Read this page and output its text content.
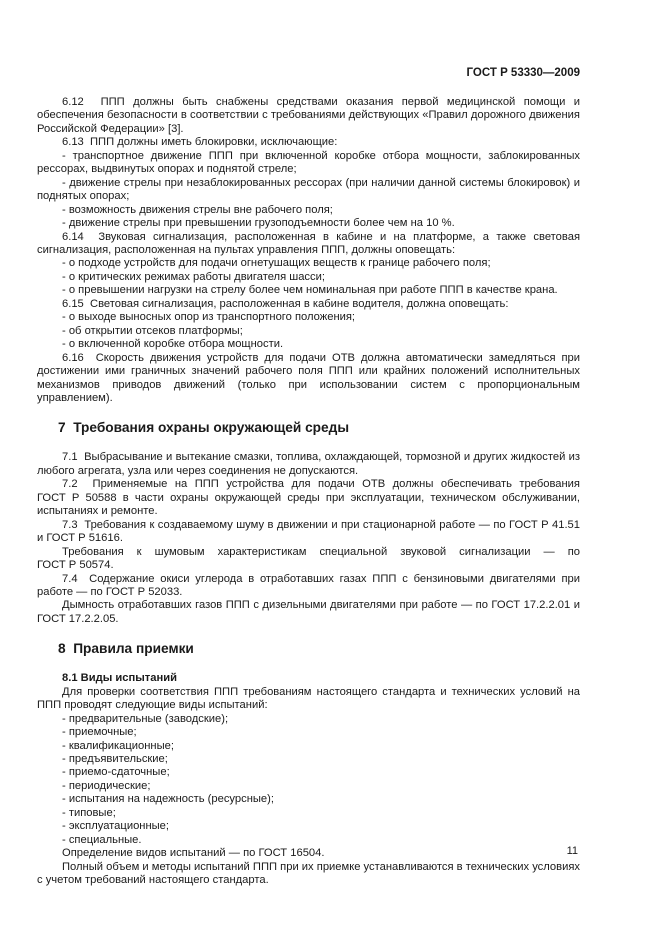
ГОСТ Р 53330—2009
6.12  ППП должны быть снабжены средствами оказания первой медицинской помощи и обеспечения безопасности в соответствии с требованиями действующих «Правил дорожного движения Российской Федерации» [3].
6.13  ППП должны иметь блокировки, исключающие:
- транспортное движение ППП при включенной коробке отбора мощности, заблокированных рессорах, выдвинутых опорах и поднятой стреле;
- движение стрелы при незаблокированных рессорах (при наличии данной системы блокировок) и поднятых опорах;
- возможность движения стрелы вне рабочего поля;
- движение стрелы при превышении грузоподъемности более чем на 10 %.
6.14  Звуковая сигнализация, расположенная в кабине и на платформе, а также световая сигнализация, расположенная на пультах управления ППП, должны оповещать:
- о подходе устройств для подачи огнетушащих веществ к границе рабочего поля;
- о критических режимах работы двигателя шасси;
- о превышении нагрузки на стрелу более чем номинальная при работе ППП в качестве крана.
6.15  Световая сигнализация, расположенная в кабине водителя, должна оповещать:
- о выходе выносных опор из транспортного положения;
- об открытии отсеков платформы;
- о включенной коробке отбора мощности.
6.16  Скорость движения устройств для подачи ОТВ должна автоматически замедляться при достижении ими граничных значений рабочего поля ППП или крайних положений исполнительных механизмов приводов движений (только при использовании систем с пропорциональным управлением).
7  Требования охраны окружающей среды
7.1  Выбрасывание и вытекание смазки, топлива, охлаждающей, тормозной и других жидкостей из любого агрегата, узла или через соединения не допускаются.
7.2  Применяемые на ППП устройства для подачи ОТВ должны обеспечивать требования ГОСТ Р 50588 в части охраны окружающей среды при эксплуатации, техническом обслуживании, испытаниях и ремонте.
7.3  Требования к создаваемому шуму в движении и при стационарной работе — по ГОСТ Р 41.51 и ГОСТ Р 51616.
Требования к шумовым характеристикам специальной звуковой сигнализации — по ГОСТ Р 50574.
7.4  Содержание окиси углерода в отработавших газах ППП с бензиновыми двигателями при работе — по ГОСТ Р 52033.
Дымность отработавших газов ППП с дизельными двигателями при работе — по ГОСТ 17.2.2.01 и ГОСТ 17.2.2.05.
8  Правила приемки
8.1 Виды испытаний
Для проверки соответствия ППП требованиям настоящего стандарта и технических условий на ППП проводят следующие виды испытаний:
- предварительные (заводские);
- приемочные;
- квалификационные;
- предъявительские;
- приемо-сдаточные;
- периодические;
- испытания на надежность (ресурсные);
- типовые;
- эксплуатационные;
- специальные.
Определение видов испытаний — по ГОСТ 16504.
Полный объем и методы испытаний ППП при их приемке устанавливаются в технических условиях с учетом требований настоящего стандарта.
11
